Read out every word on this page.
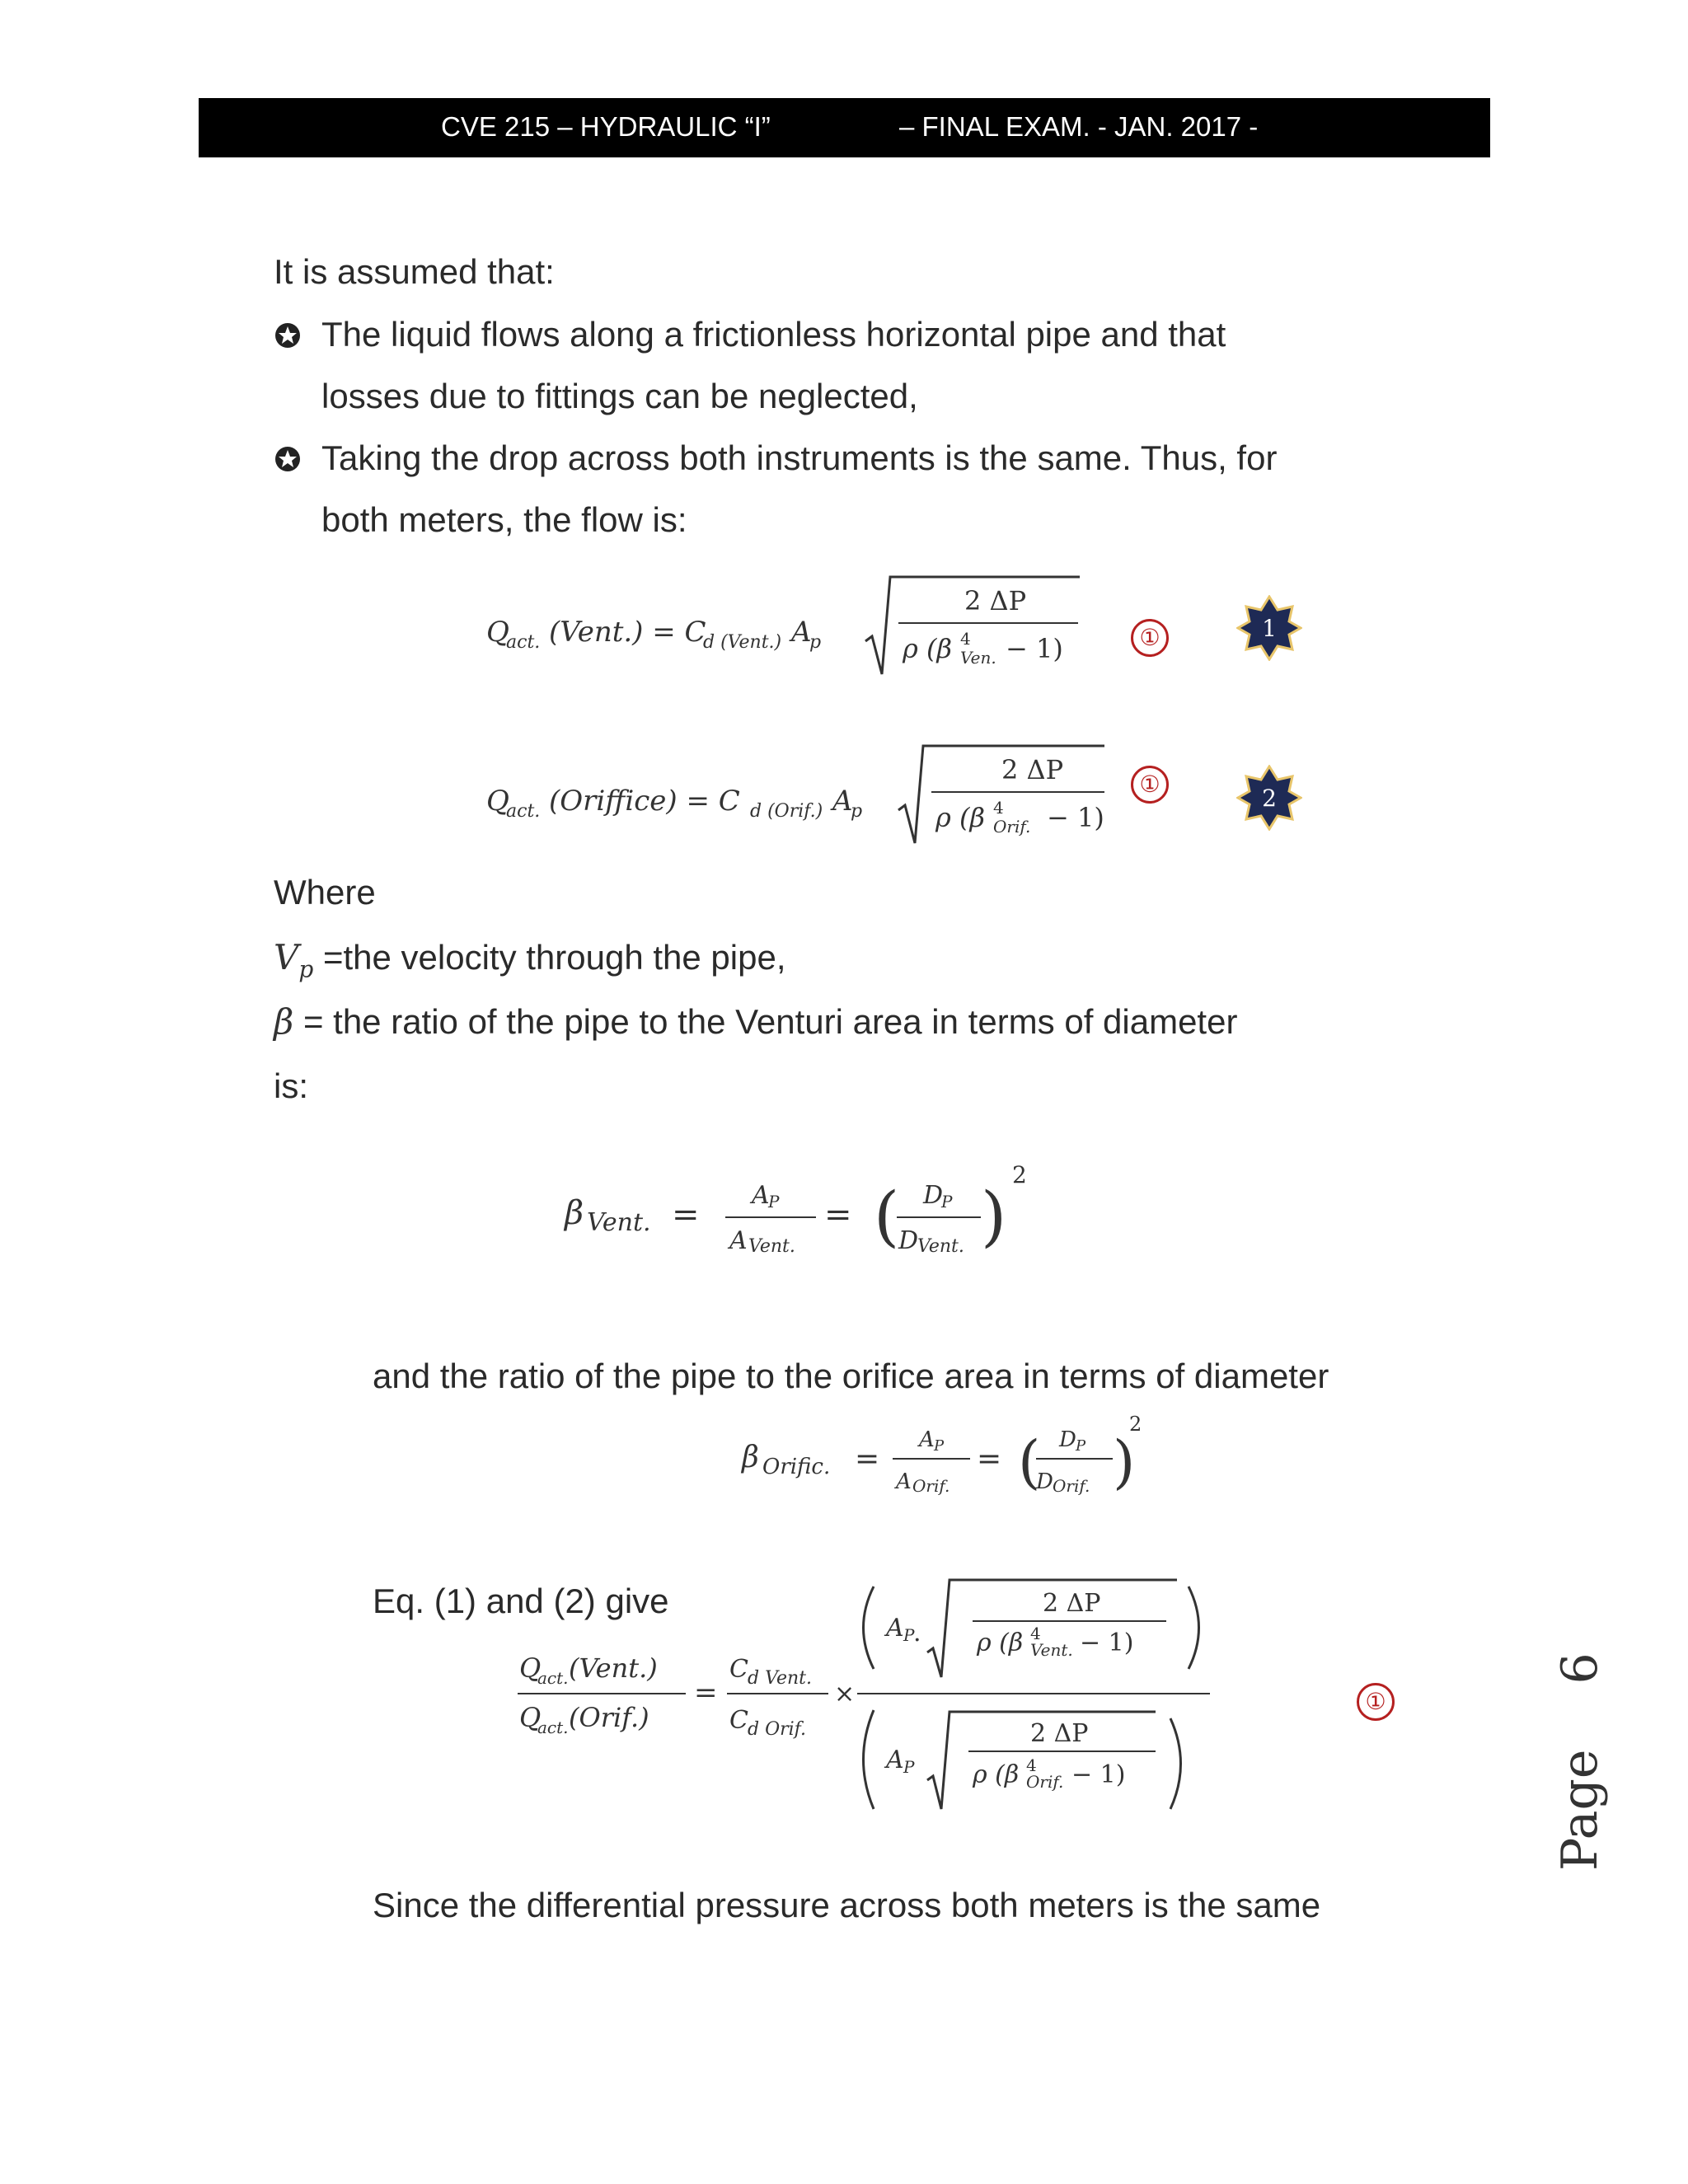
CVE 215 – HYDRAULIC “I”	– FINAL EXAM. - JAN. 2017 -
It is assumed that:
The liquid flows along a frictionless horizontal pipe and that
losses due to fittings can be neglected,
Taking the drop across both instruments is the same. Thus, for
both meters, the flow is:
Q
act. (Vent.) = C
d (Vent.) A
p
2 ΔP
ρ (β 4
Ven. − 1)	①	1
Q
act. (Oriffice) = C d (Orif.) A
p
2 ΔP
ρ (β 4
Orif. − 1)
①
2
Where
$V_p =the$ velocity through the pipe,
β = the ratio of the pipe to the Venturi area in terms of diameter
is:
β Vent. =
A
P
A Vent.
= ( D
P
D
Vent. )
2
and the ratio of the pipe to the orifice area in terms of diameter
β Orific. =
A P
A Orif.
= ( D P
D Orif. )
2
Eq. (1) and (2) give
Q
act. (Vent.)
Q
act. (Orif.)
=
C d Vent.
C d Orif.
×
A P
.
2 ΔP
ρ (β 4
Vent. − 1)
A P
2 ΔP
ρ (β 4
Orif. − 1)
①
Since the differential pressure across both meters is the same
Page 6
